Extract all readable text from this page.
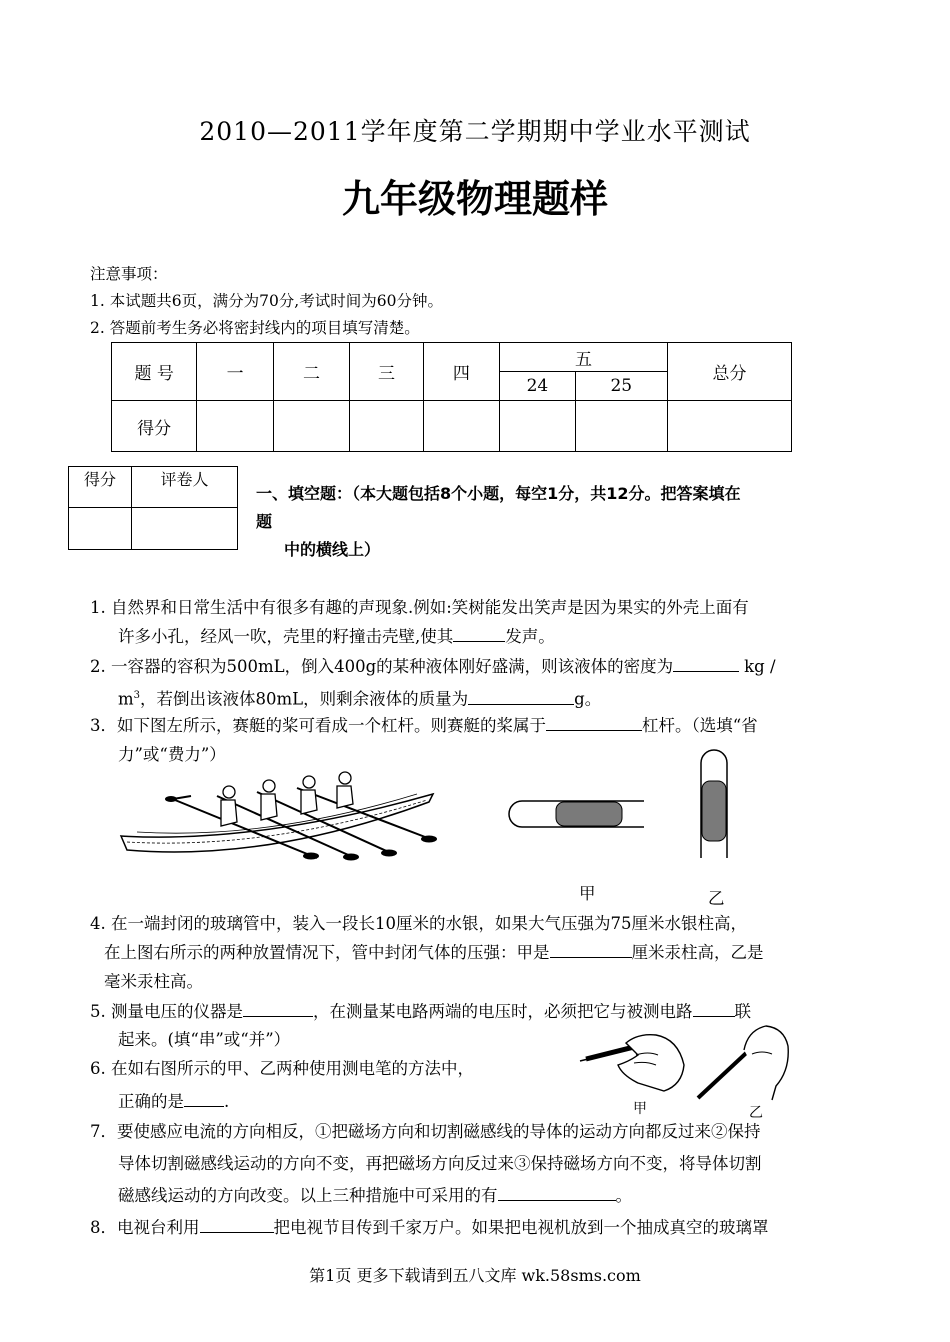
2010—2011学年度第二学期期中学业水平测试
九年级物理题样
注意事项：
1. 本试题共6页，满分为70分,考试时间为60分钟。
2. 答题前考生务必将密封线内的项目填写清楚。
题 号	一	二	三	四	五		总分
					24	25	
得分							
得分	评卷人

一、填空题：（本大题包括8个小题，每空1分，共12分。把答案填在
题
中的横线上）
1. 自然界和日常生活中有很多有趣的声现象.例如:笑树能发出笑声是因为果实的外壳上面有
许多小孔，经风一吹，壳里的籽撞击壳壁,使其	发声。
2. 一容器的容积为500mL，倒入400g的某种液体刚好盛满，则该液体的密度为	kg /
$m^3$，若倒出该液体80mL，则剩余液体的质量为	g。
3．如下图左所示，赛艇的桨可看成一个杠杆。则赛艇的桨属于	杠杆。（选填“省
力”或“费力”）
甲	乙
4. 在一端封闭的玻璃管中，装入一段长10厘米的水银，如果大气压强为75厘米水银柱高，
在上图右所示的两种放置情况下，管中封闭气体的压强：甲是	厘米汞柱高，乙是
毫米汞柱高。
5. 测量电压的仪器是	，在测量某电路两端的电压时，必须把它与被测电路	联
起来。(填“串”或“并”）
6. 在如右图所示的甲、乙两种使用测电笔的方法中，
正确的是 .	甲	乙
7．要使感应电流的方向相反，①把磁场方向和切割磁感线的导体的运动方向都反过来②保持
导体切割磁感线运动的方向不变，再把磁场方向反过来③保持磁场方向不变，将导体切割
磁感线运动的方向改变。以上三种措施中可采用的有	。
8．电视台利用	把电视节目传到千家万户。如果把电视机放到一个抽成真空的玻璃罩
第1页 更多下载请到五八文库 wk.58sms.com
